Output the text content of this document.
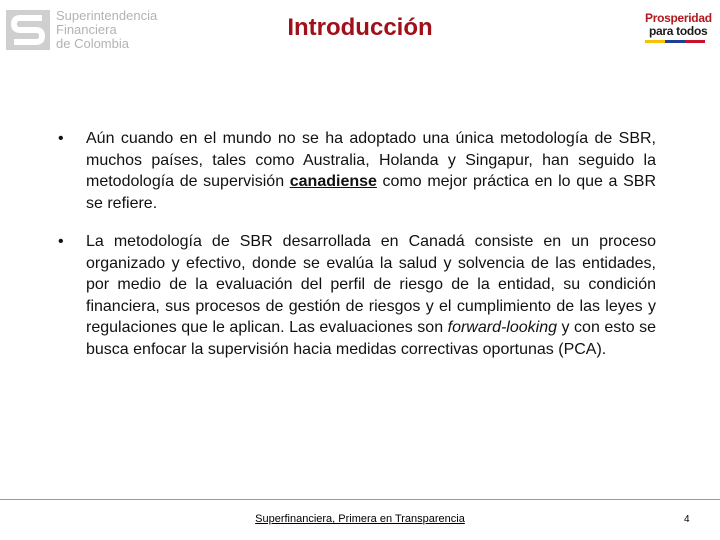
Superintendencia
Financiera
de Colombia
Introducción	Prosperidad
para todos
• Aún cuando en el mundo no se ha adoptado una única metodología de SBR, muchos países, tales como Australia, Holanda y Singapur, han seguido la metodología de supervisión canadiense como mejor práctica en lo que a SBR se refiere.

• La metodología de SBR desarrollada en Canadá consiste en un proceso organizado y efectivo, donde se evalúa la salud y solvencia de las entidades, por medio de la evaluación del perfil de riesgo de la entidad, su condición financiera, sus procesos de gestión de riesgos y el cumplimiento de las leyes y regulaciones que le aplican. Las evaluaciones son forward-looking y con esto se busca enfocar la supervisión hacia medidas correctivas oportunas (PCA).

Superfinanciera, Primera en Transparencia	4
